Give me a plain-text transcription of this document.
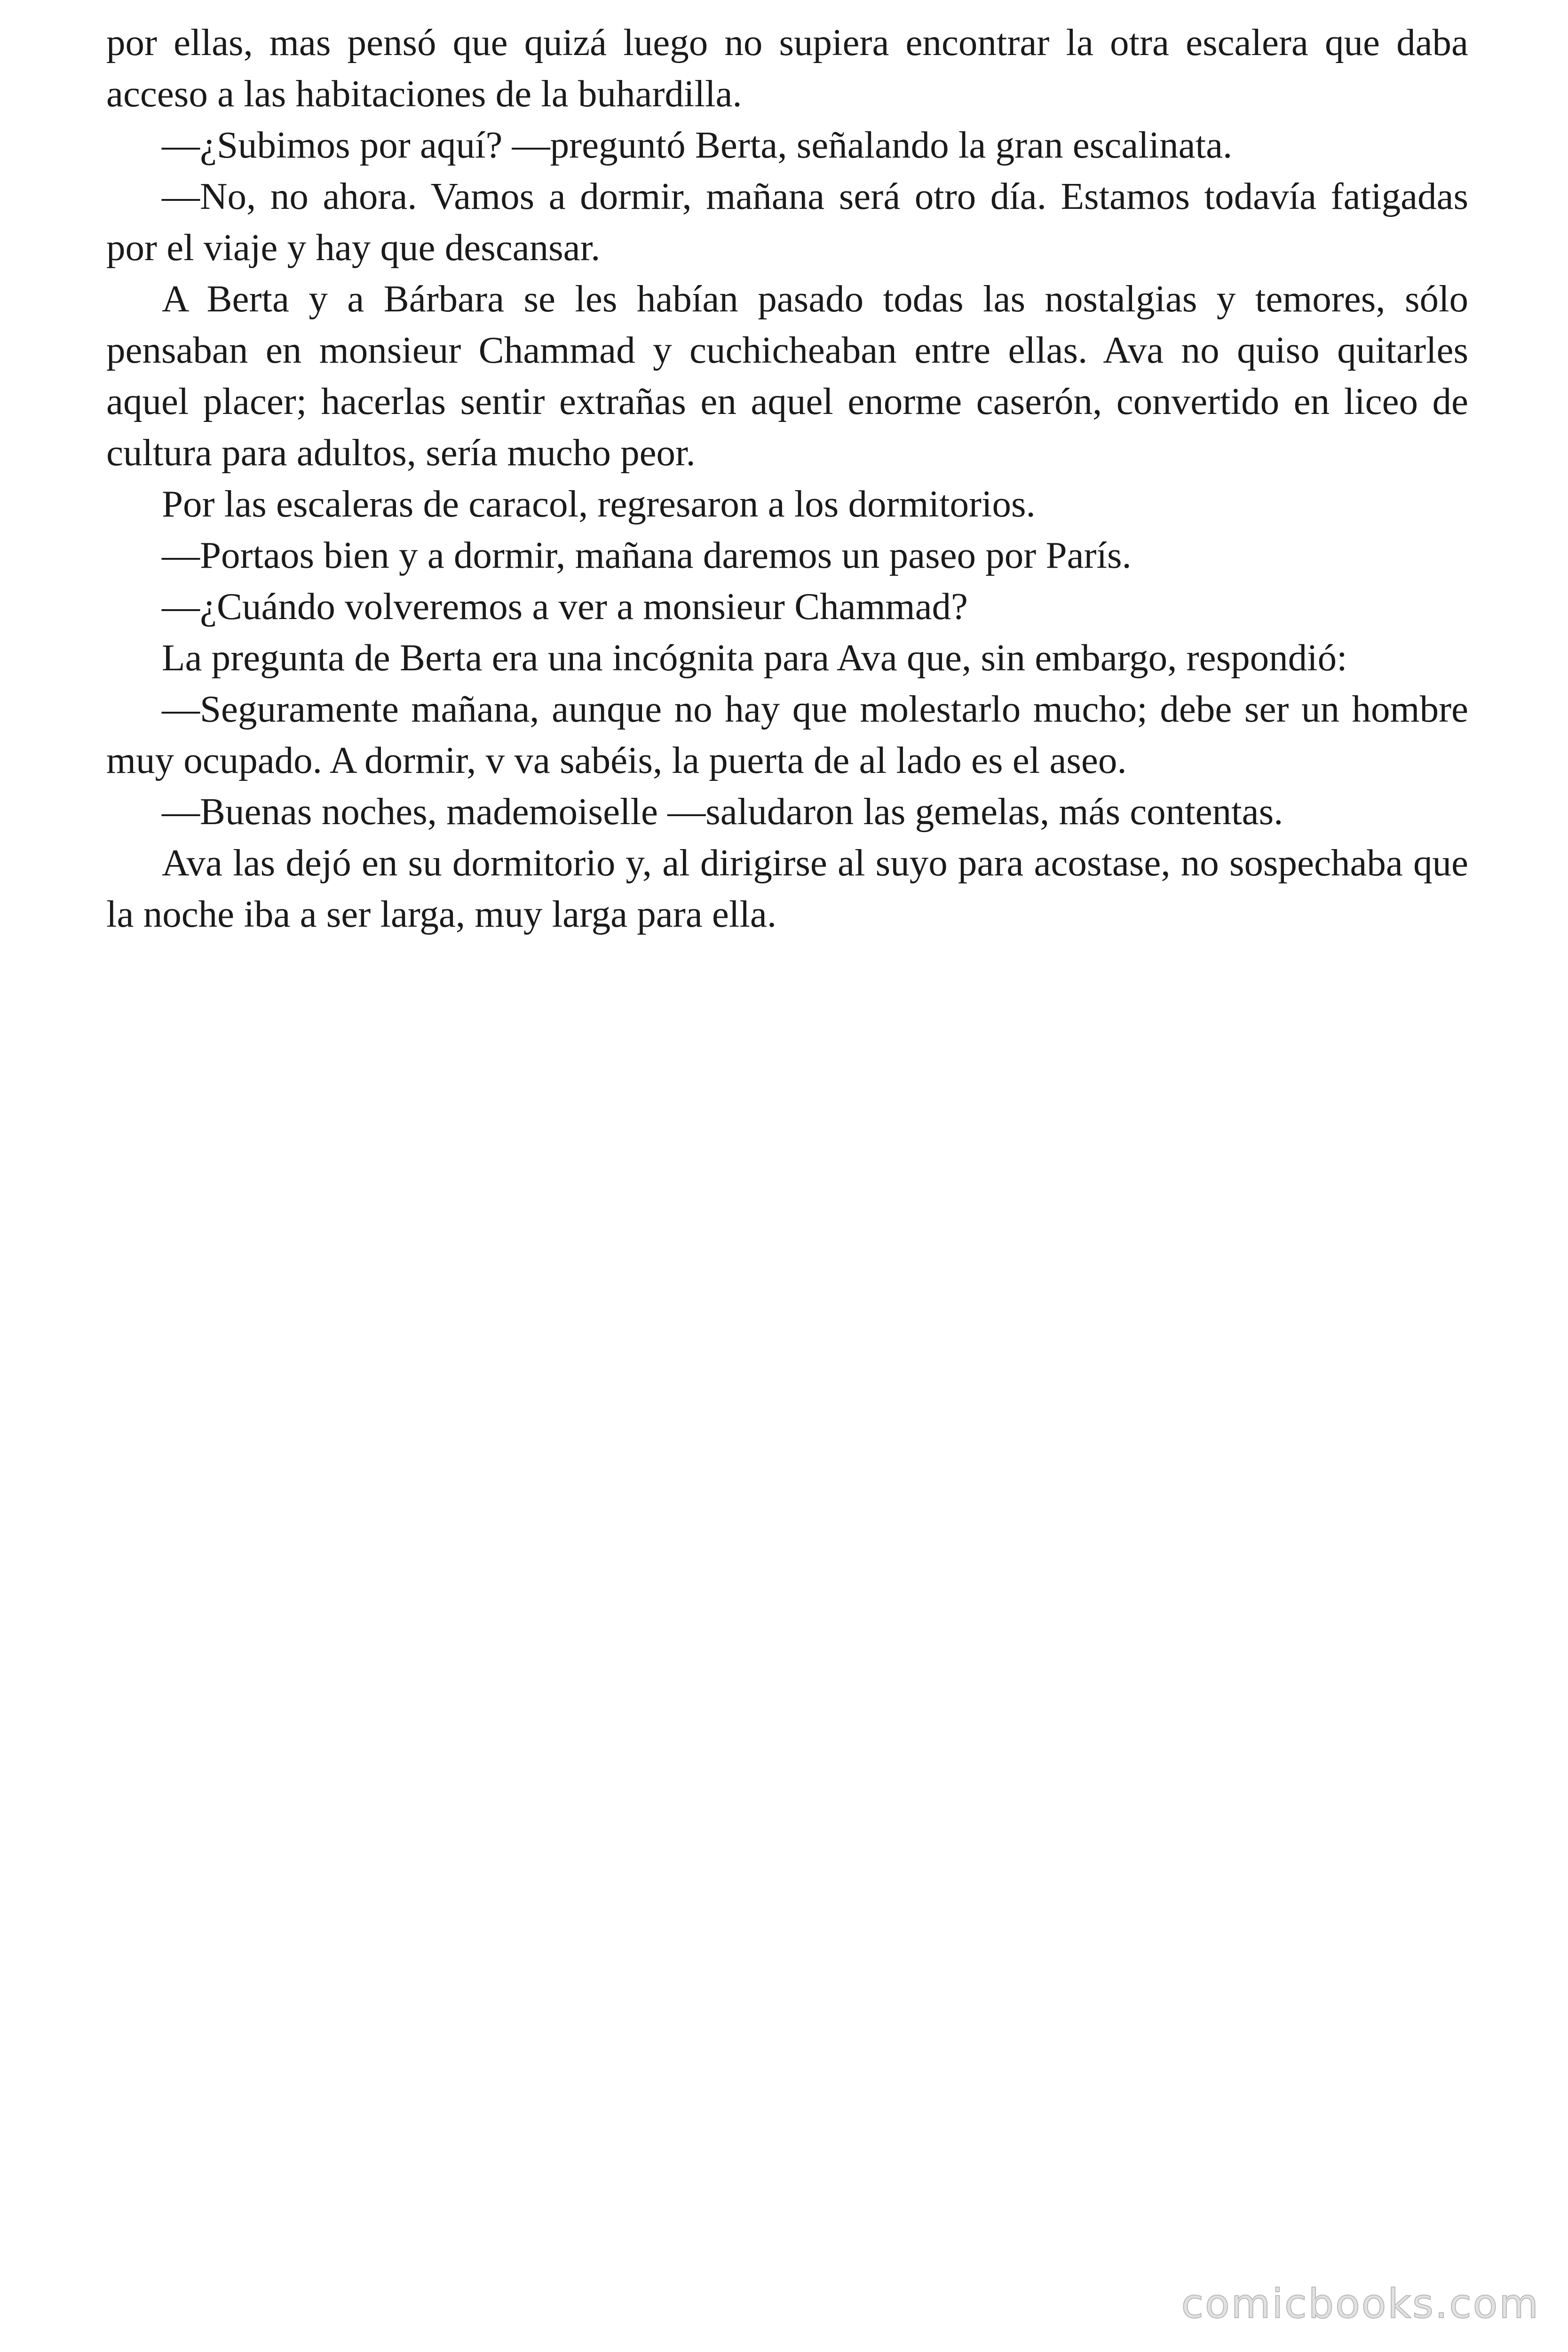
por ellas, mas pensó que quizá luego no supiera encontrar la otra escalera que daba acceso a las habitaciones de la buhardilla.

—¿Subimos por aquí? —preguntó Berta, señalando la gran escalinata.

—No, no ahora. Vamos a dormir, mañana será otro día. Estamos todavía fatigadas por el viaje y hay que descansar.

A Berta y a Bárbara se les habían pasado todas las nostalgias y temores, sólo pensaban en monsieur Chammad y cuchicheaban entre ellas. Ava no quiso quitarles aquel placer; hacerlas sentir extrañas en aquel enorme caserón, convertido en liceo de cultura para adultos, sería mucho peor.

Por las escaleras de caracol, regresaron a los dormitorios.

—Portaos bien y a dormir, mañana daremos un paseo por París.

—¿Cuándo volveremos a ver a monsieur Chammad?

La pregunta de Berta era una incógnita para Ava que, sin embargo, respondió:

—Seguramente mañana, aunque no hay que molestarlo mucho; debe ser un hombre muy ocupado. A dormir, v va sabéis, la puerta de al lado es el aseo.

—Buenas noches, mademoiselle —saludaron las gemelas, más contentas.

Ava las dejó en su dormitorio y, al dirigirse al suyo para acostase, no sospechaba que la noche iba a ser larga, muy larga para ella.

comicbooks.com
